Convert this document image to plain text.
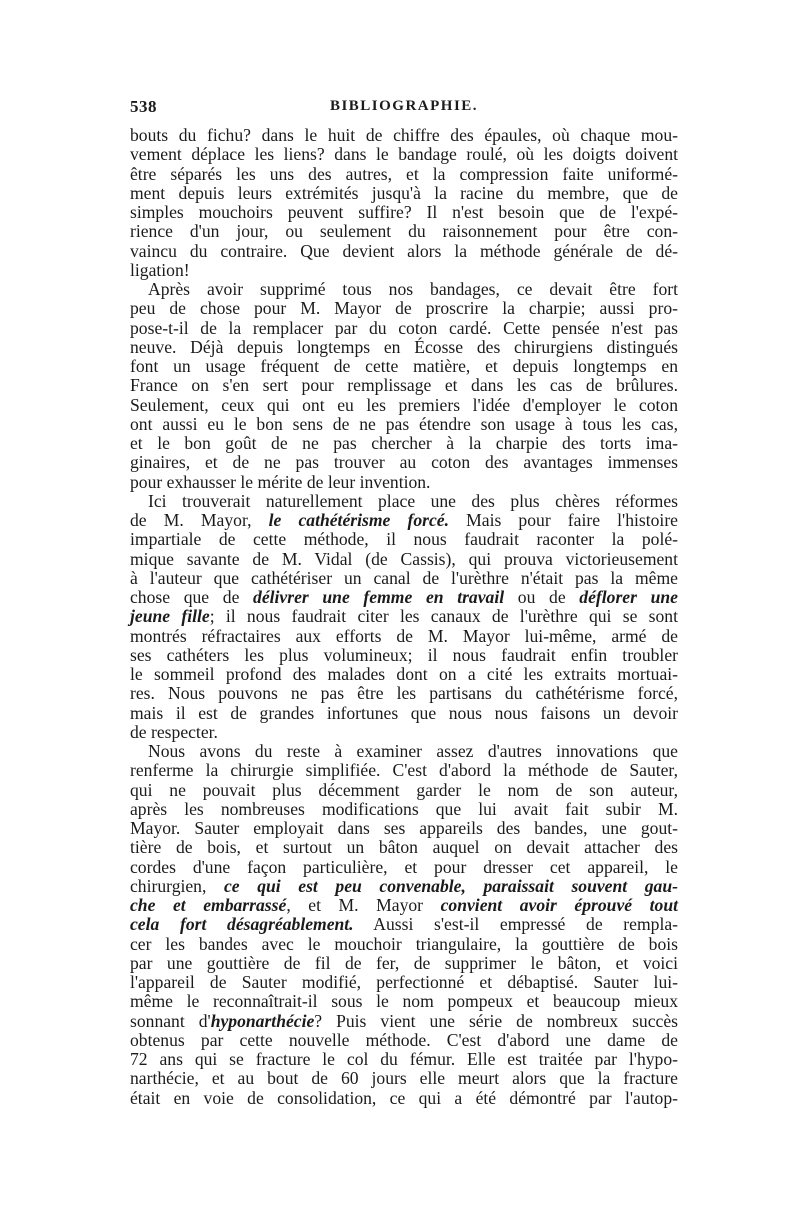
538	BIBLIOGRAPHIE.
bouts du fichu? dans le huit de chiffre des épaules, où chaque mou-
vement déplace les liens? dans le bandage roulé, où les doigts doivent
être séparés les uns des autres, et la compression faite uniformé-
ment depuis leurs extrémités jusqu'à la racine du membre, que de
simples mouchoirs peuvent suffire? Il n'est besoin que de l'expé-
rience d'un jour, ou seulement du raisonnement pour être con-
vaincu du contraire. Que devient alors la méthode générale de dé-
ligation!
Après avoir supprimé tous nos bandages, ce devait être fort
peu de chose pour M. Mayor de proscrire la charpie; aussi pro-
pose-t-il de la remplacer par du coton cardé. Cette pensée n'est pas
neuve. Déjà depuis longtemps en Écosse des chirurgiens distingués
font un usage fréquent de cette matière, et depuis longtemps en
France on s'en sert pour remplissage et dans les cas de brûlures.
Seulement, ceux qui ont eu les premiers l'idée d'employer le coton
ont aussi eu le bon sens de ne pas étendre son usage à tous les cas,
et le bon goût de ne pas chercher à la charpie des torts ima-
ginaires, et de ne pas trouver au coton des avantages immenses
pour exhausser le mérite de leur invention.
Ici trouverait naturellement place une des plus chères réformes
de M. Mayor, le cathétérisme forcé. Mais pour faire l'histoire
impartiale de cette méthode, il nous faudrait raconter la polé-
mique savante de M. Vidal (de Cassis), qui prouva victorieusement
à l'auteur que cathétériser un canal de l'urèthre n'était pas la même
chose que de délivrer une femme en travail ou de déflorer une
jeune fille; il nous faudrait citer les canaux de l'urèthre qui se sont
montrés réfractaires aux efforts de M. Mayor lui-même, armé de
ses cathéters les plus volumineux; il nous faudrait enfin troubler
le sommeil profond des malades dont on a cité les extraits mortuai-
res. Nous pouvons ne pas être les partisans du cathétérisme forcé,
mais il est de grandes infortunes que nous nous faisons un devoir
de respecter.
Nous avons du reste à examiner assez d'autres innovations que
renferme la chirurgie simplifiée. C'est d'abord la méthode de Sauter,
qui ne pouvait plus décemment garder le nom de son auteur,
après les nombreuses modifications que lui avait fait subir M.
Mayor. Sauter employait dans ses appareils des bandes, une gout-
tière de bois, et surtout un bâton auquel on devait attacher des
cordes d'une façon particulière, et pour dresser cet appareil, le
chirurgien, ce qui est peu convenable, paraissait souvent gau-
che et embarrassé, et M. Mayor convient avoir éprouvé tout
cela fort désagréablement. Aussi s'est-il empressé de rempla-
cer les bandes avec le mouchoir triangulaire, la gouttière de bois
par une gouttière de fil de fer, de supprimer le bâton, et voici
l'appareil de Sauter modifié, perfectionné et débaptisé. Sauter lui-
même le reconnaîtrait-il sous le nom pompeux et beaucoup mieux
sonnant d'hyponarthécie? Puis vient une série de nombreux succès
obtenus par cette nouvelle méthode. C'est d'abord une dame de
72 ans qui se fracture le col du fémur. Elle est traitée par l'hypo-
narthécie, et au bout de 60 jours elle meurt alors que la fracture
était en voie de consolidation, ce qui a été démontré par l'autop-
